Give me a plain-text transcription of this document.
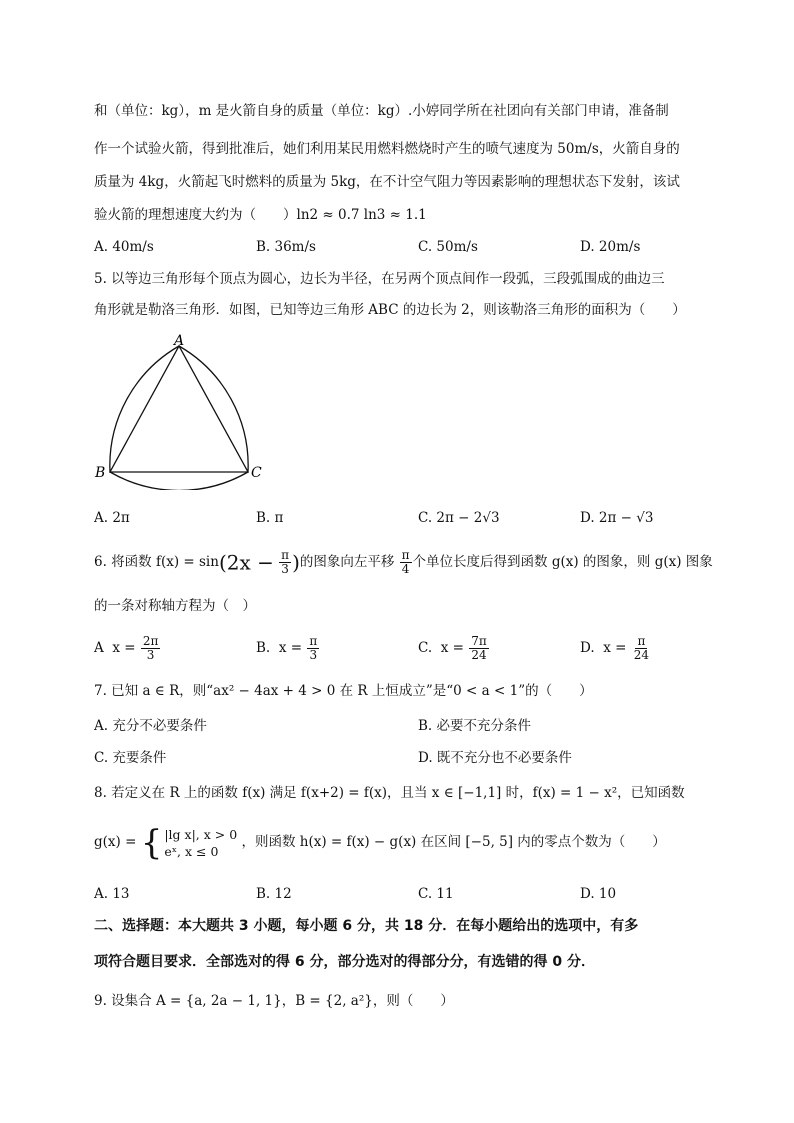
和（单位：kg），m 是火箭自身的质量（单位：kg）.小婷同学所在社团向有关部门申请，准备制
作一个试验火箭，得到批准后，她们利用某民用燃料燃烧时产生的喷气速度为 50m/s，火箭自身的
质量为 4kg，火箭起飞时燃料的质量为 5kg，在不计空气阻力等因素影响的理想状态下发射，该试
验火箭的理想速度大约为（　　）ln2 ≈ 0.7 ln3 ≈ 1.1
A. 40m/s	B. 36m/s	C. 50m/s	D. 20m/s
5. 以等边三角形每个顶点为圆心，边长为半径，在另两个顶点间作一段弧，三段弧围成的曲边三
角形就是勒洛三角形．如图，已知等边三角形 ABC 的边长为 2，则该勒洛三角形的面积为（　　）
A
B	C
A. 2π	B. π	C. 2π − 2√3	D. 2π − √3
6. 将函数 $f(x) = \sin(2x - \frac{\pi}{3}$ )的图象向左平移 $\frac{\pi}{4}$ 个单位长度后得到函数 g(x) 的图象，则 g(x) 图象
的一条对称轴方程为（　）
A $x = \frac{2\pi}{3}$	B. $x = \frac{\pi}{3}$	C. $x = \frac{7\pi}{24}$	D. $x = \frac{\pi}{24}$
7. 已知 a ∈ R，则“ax² − 4ax + 4 > 0 在 R 上恒成立”是“0 < a < 1”的（　　）
A. 充分不必要条件	B. 必要不充分条件
C. 充要条件	D. 既不充分也不必要条件
8. 若定义在 R 上的函数 f(x) 满足 f(x+2) = f(x)，且当 x ∈ [−1,1] 时，f(x) = 1 − x²，已知函数
g(x) = { |lg x|, x > 0
eˣ, x ≤ 0
，则函数 h(x) = f(x) − g(x) 在区间 [−5, 5] 内的零点个数为（　　）
A. 13	B. 12	C. 11	D. 10
二、选择题：本大题共 3 小题，每小题 6 分，共 18 分．在每小题给出的选项中，有多
项符合题目要求．全部选对的得 6 分，部分选对的得部分分，有选错的得 0 分．
9. 设集合 A = {a, 2a − 1, 1}，B = {2, a²}，则（　　）
